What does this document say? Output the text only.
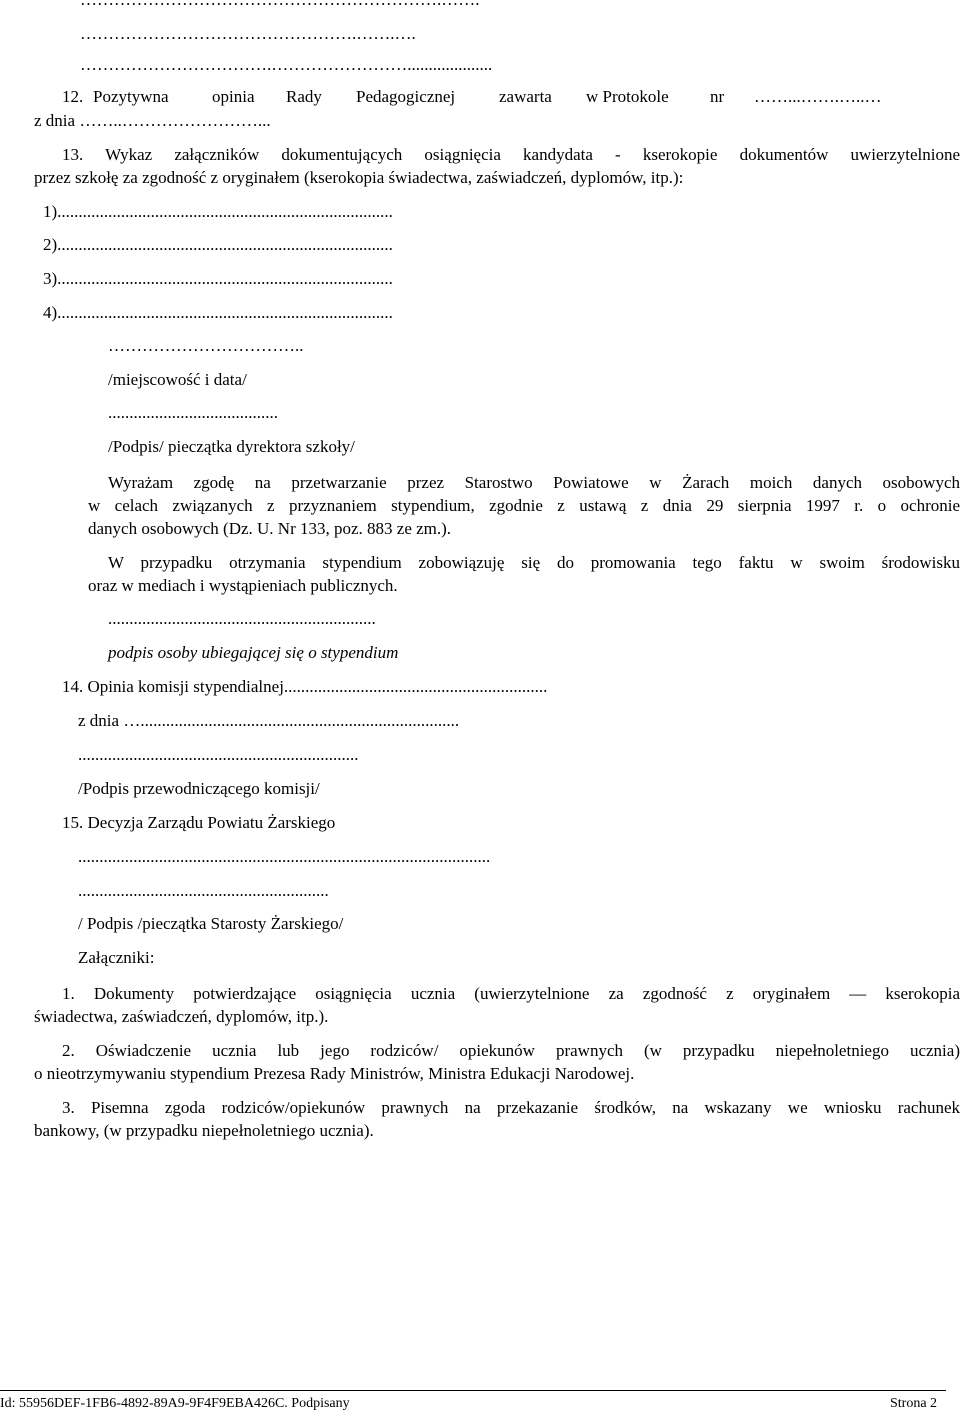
………………………………………….…….….
…………………………….……………………....................
12. Pozytywna	opinia Rady Pedagogicznej	zawarta w Protokole nr ……...…….…..…
z dnia ……..……………………...
13. Wykaz załączników dokumentujących osiągnięcia kandydata - kserokopie dokumentów uwierzytelnione
przez szkołę za zgodność z oryginałem (kserokopia świadectwa, zaświadczeń, dyplomów, itp.):
1)...............................................................................
2)...............................................................................
3)...............................................................................
4)...............................................................................
……………………………..
/miejscowość i data/
........................................
/Podpis/ pieczątka dyrektora szkoły/
Wyrażam zgodę na przetwarzanie przez Starostwo Powiatowe w Żarach moich danych osobowych
w celach związanych z przyznaniem stypendium, zgodnie z ustawą z dnia 29 sierpnia 1997 r. o ochronie
danych osobowych (Dz. U. Nr 133, poz. 883 ze zm.).
W przypadku otrzymania stypendium zobowiązuję się do promowania tego faktu w swoim środowisku
oraz w mediach i wystąpieniach publicznych.
...............................................................
podpis osoby ubiegającej się o stypendium
14. Opinia komisji stypendialnej..............................................................
z dnia …...........................................................................
..................................................................
/Podpis przewodniczącego komisji/
15. Decyzja Zarządu Powiatu Żarskiego
.................................................................................................
...........................................................
/ Podpis /pieczątka Starosty Żarskiego/
Załączniki:
1. Dokumenty potwierdzające osiągnięcia ucznia (uwierzytelnione za zgodność z oryginałem — kserokopia
świadectwa, zaświadczeń, dyplomów, itp.).
2. Oświadczenie ucznia lub jego rodziców/ opiekunów prawnych (w przypadku niepełnoletniego ucznia)
o nieotrzymywaniu stypendium Prezesa Rady Ministrów, Ministra Edukacji Narodowej.
3. Pisemna zgoda rodziców/opiekunów prawnych na przekazanie środków, na wskazany we wniosku rachunek
bankowy, (w przypadku niepełnoletniego ucznia).
Id: 55956DEF-1FB6-4892-89A9-9F4F9EBA426C. Podpisany	Strona 2
